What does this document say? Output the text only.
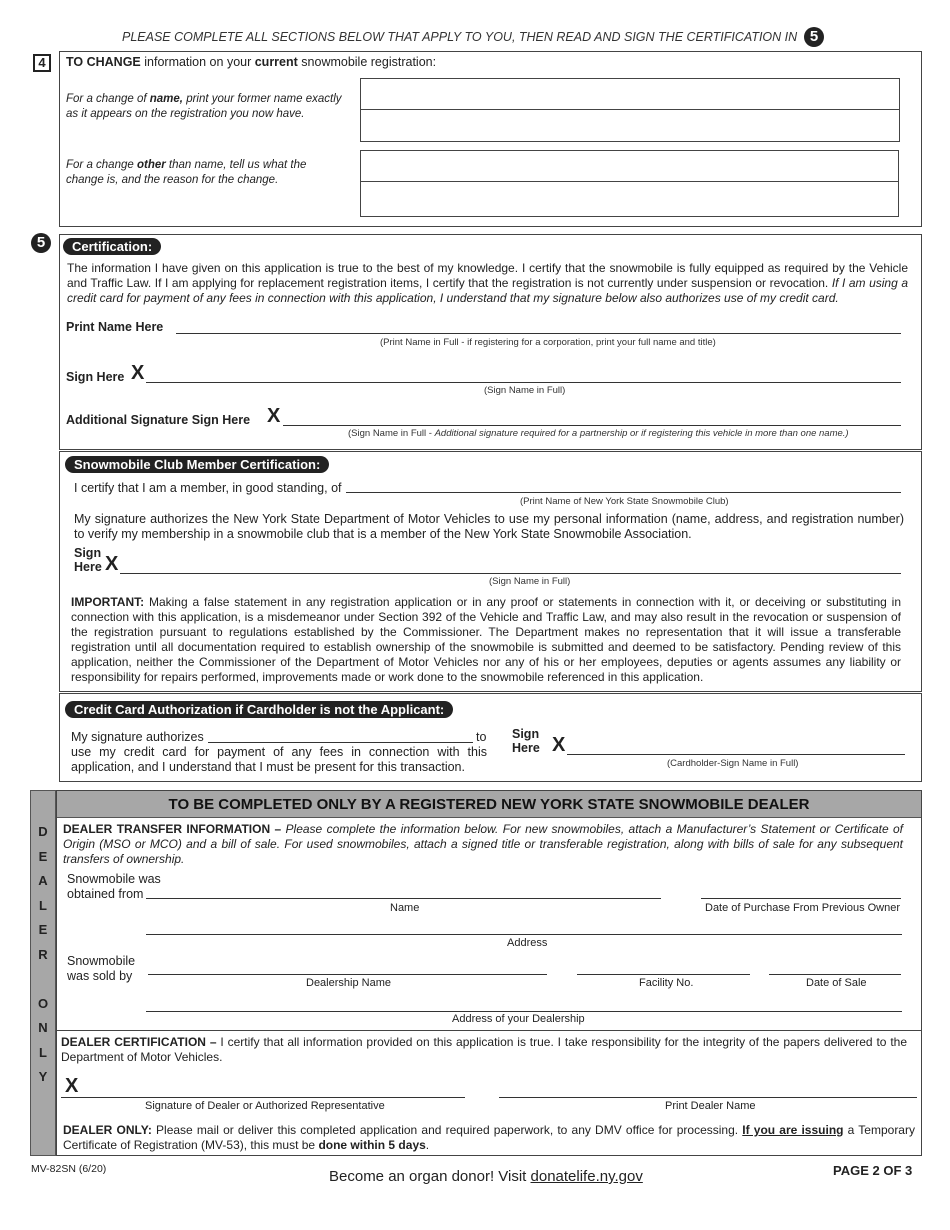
PLEASE COMPLETE ALL SECTIONS BELOW THAT APPLY TO YOU, THEN READ AND SIGN THE CERTIFICATION IN 5
4	TO CHANGE information on your current snowmobile registration:
For a change of name, print your former name exactly as it appears on the registration you now have.
For a change other than name, tell us what the change is, and the reason for the change.
5	Certification:

The information I have given on this application is true to the best of my knowledge. I certify that the snowmobile is fully equipped as required by the Vehicle and Traffic Law. If I am applying for replacement registration items, I certify that the registration is not currently under suspension or revocation. If I am using a credit card for payment of any fees in connection with this application, I understand that my signature below also authorizes use of my credit card.

Print Name Here
(Print Name in Full - if registering for a corporation, print your full name and title)
Sign Here X
(Sign Name in Full)
Additional Signature Sign Here X
(Sign Name in Full - Additional signature required for a partnership or if registering this vehicle in more than one name.)
Snowmobile Club Member Certification:
I certify that I am a member, in good standing, of
(Print Name of New York State Snowmobile Club)

My signature authorizes the New York State Department of Motor Vehicles to use my personal information (name, address, and registration number) to verify my membership in a snowmobile club that is a member of the New York State Snowmobile Association.

Sign
Here X
(Sign Name in Full)

IMPORTANT: Making a false statement in any registration application or in any proof or statements in connection with it, or deceiving or substituting in connection with this application, is a misdemeanor under Section 392 of the Vehicle and Traffic Law, and may also result in the revocation or suspension of the registration pursuant to regulations established by the Commissioner. The Department makes no representation that it will issue a transferable registration until all documentation required to establish ownership of the snowmobile is submitted and deemed to be satisfactory. Pending review of this application, neither the Commissioner of the Department of Motor Vehicles nor any of his or her employees, deputies or agents assumes any liability or responsibility for repairs performed, improvements made or work done to the snowmobile referenced in this application.

Credit Card Authorization if Cardholder is not the Applicant:
My signature authorizes	to
use my credit card for payment of any fees in connection with this
application, and I understand that I must be present for this transaction.
Sign
Here X
(Cardholder-Sign Name in Full)
D
E
A
L
E
R
O
N
L
Y
TO BE COMPLETED ONLY BY A REGISTERED NEW YORK STATE SNOWMOBILE DEALER

DEALER TRANSFER INFORMATION – Please complete the information below. For new snowmobiles, attach a Manufacturer’s Statement or Certificate of Origin (MSO or MCO) and a bill of sale. For used snowmobiles, attach a signed title or transferable registration, along with bills of sale for any subsequent transfers of ownership.

Snowmobile was
obtained from
Name	Date of Purchase From Previous Owner
Address
Snowmobile
was sold by	Dealership Name	Facility No.	Date of Sale
Address of your Dealership

DEALER CERTIFICATION – I certify that all information provided on this application is true. I take responsibility for the integrity of the papers delivered to the Department of Motor Vehicles.

X
Signature of Dealer or Authorized Representative	Print Dealer Name

DEALER ONLY: Please mail or deliver this completed application and required paperwork, to any DMV office for processing. If you are issuing a Temporary Certificate of Registration (MV-53), this must be done within 5 days.

MV-82SN (6/20)	Become an organ donor! Visit donatelife.ny.gov	PAGE 2 OF 3
